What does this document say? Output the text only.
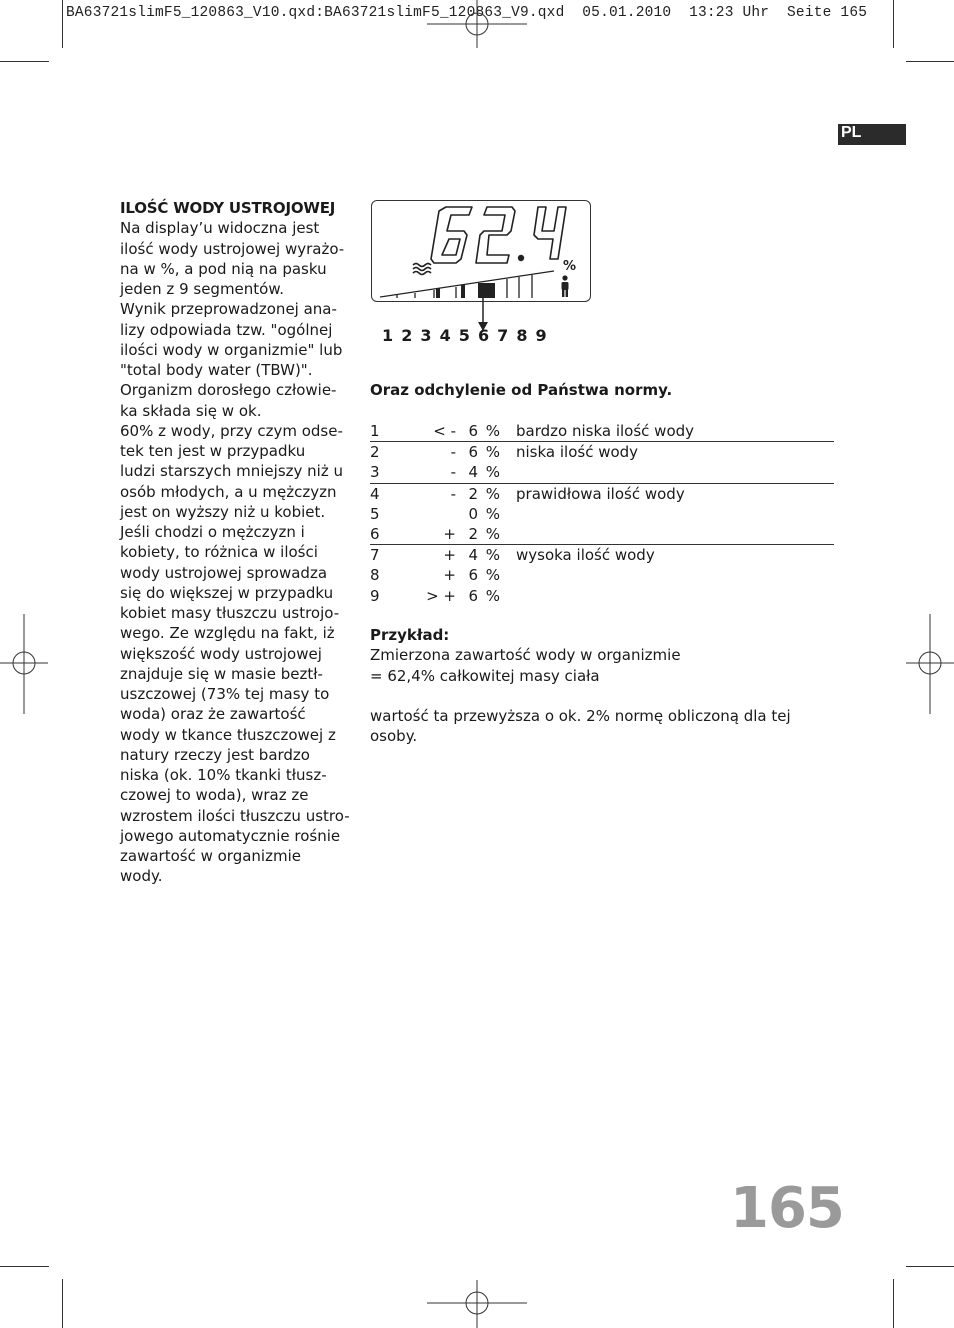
BA63721slimF5_120863_V10.qxd:BA63721slimF5_120863_V9.qxd  05.01.2010  13:23 Uhr  Seite 165
PL
ILOŚĆ WODY USTROJOWEJ
Na display’u widoczna jest
ilość wody ustrojowej wyrażo-
na w %, a pod nią na pasku
jeden z 9 segmentów.
Wynik przeprowadzonej ana-
lizy odpowiada tzw. "ogólnej
ilości wody w organizmie" lub
"total body water (TBW)".
Organizm dorosłego człowie-
ka składa się w ok.
60% z wody, przy czym odse-
tek ten jest w przypadku
ludzi starszych mniejszy niż u
osób młodych, a u mężczyzn
jest on wyższy niż u kobiet.
Jeśli chodzi o mężczyzn i
kobiety, to różnica w ilości
wody ustrojowej sprowadza
się do większej w przypadku
kobiet masy tłuszczu ustrojo-
wego. Ze względu na fakt, iż
większość wody ustrojowej
znajduje się w masie beztł-
uszczowej (73% tej masy to
woda) oraz że zawartość
wody w tkance tłuszczowej z
natury rzeczy jest bardzo
niska (ok. 10% tkanki tłusz-
czowej to woda), wraz ze
wzrostem ilości tłuszczu ustro-
jowego automatycznie rośnie
zawartość w organizmie
wody.
%
1 2 3 4 5 6 7 8 9
Oraz odchylenie od Państwa normy.
1	< -	6	%	bardzo niska ilość wody
2	-	6	%	niska ilość wody
3	-	4	%	
4	-	2	%	prawidłowa ilość wody
5		0	%	
6	+	2	%	
7	+	4	%	wysoka ilość wody
8	+	6	%	
9	> +	6	%	
Przykład:
Zmierzona zawartość wody w organizmie
= 62,4% całkowitej masy ciała
wartość ta przewyższa o ok. 2% normę obliczoną dla tej osoby.
165
